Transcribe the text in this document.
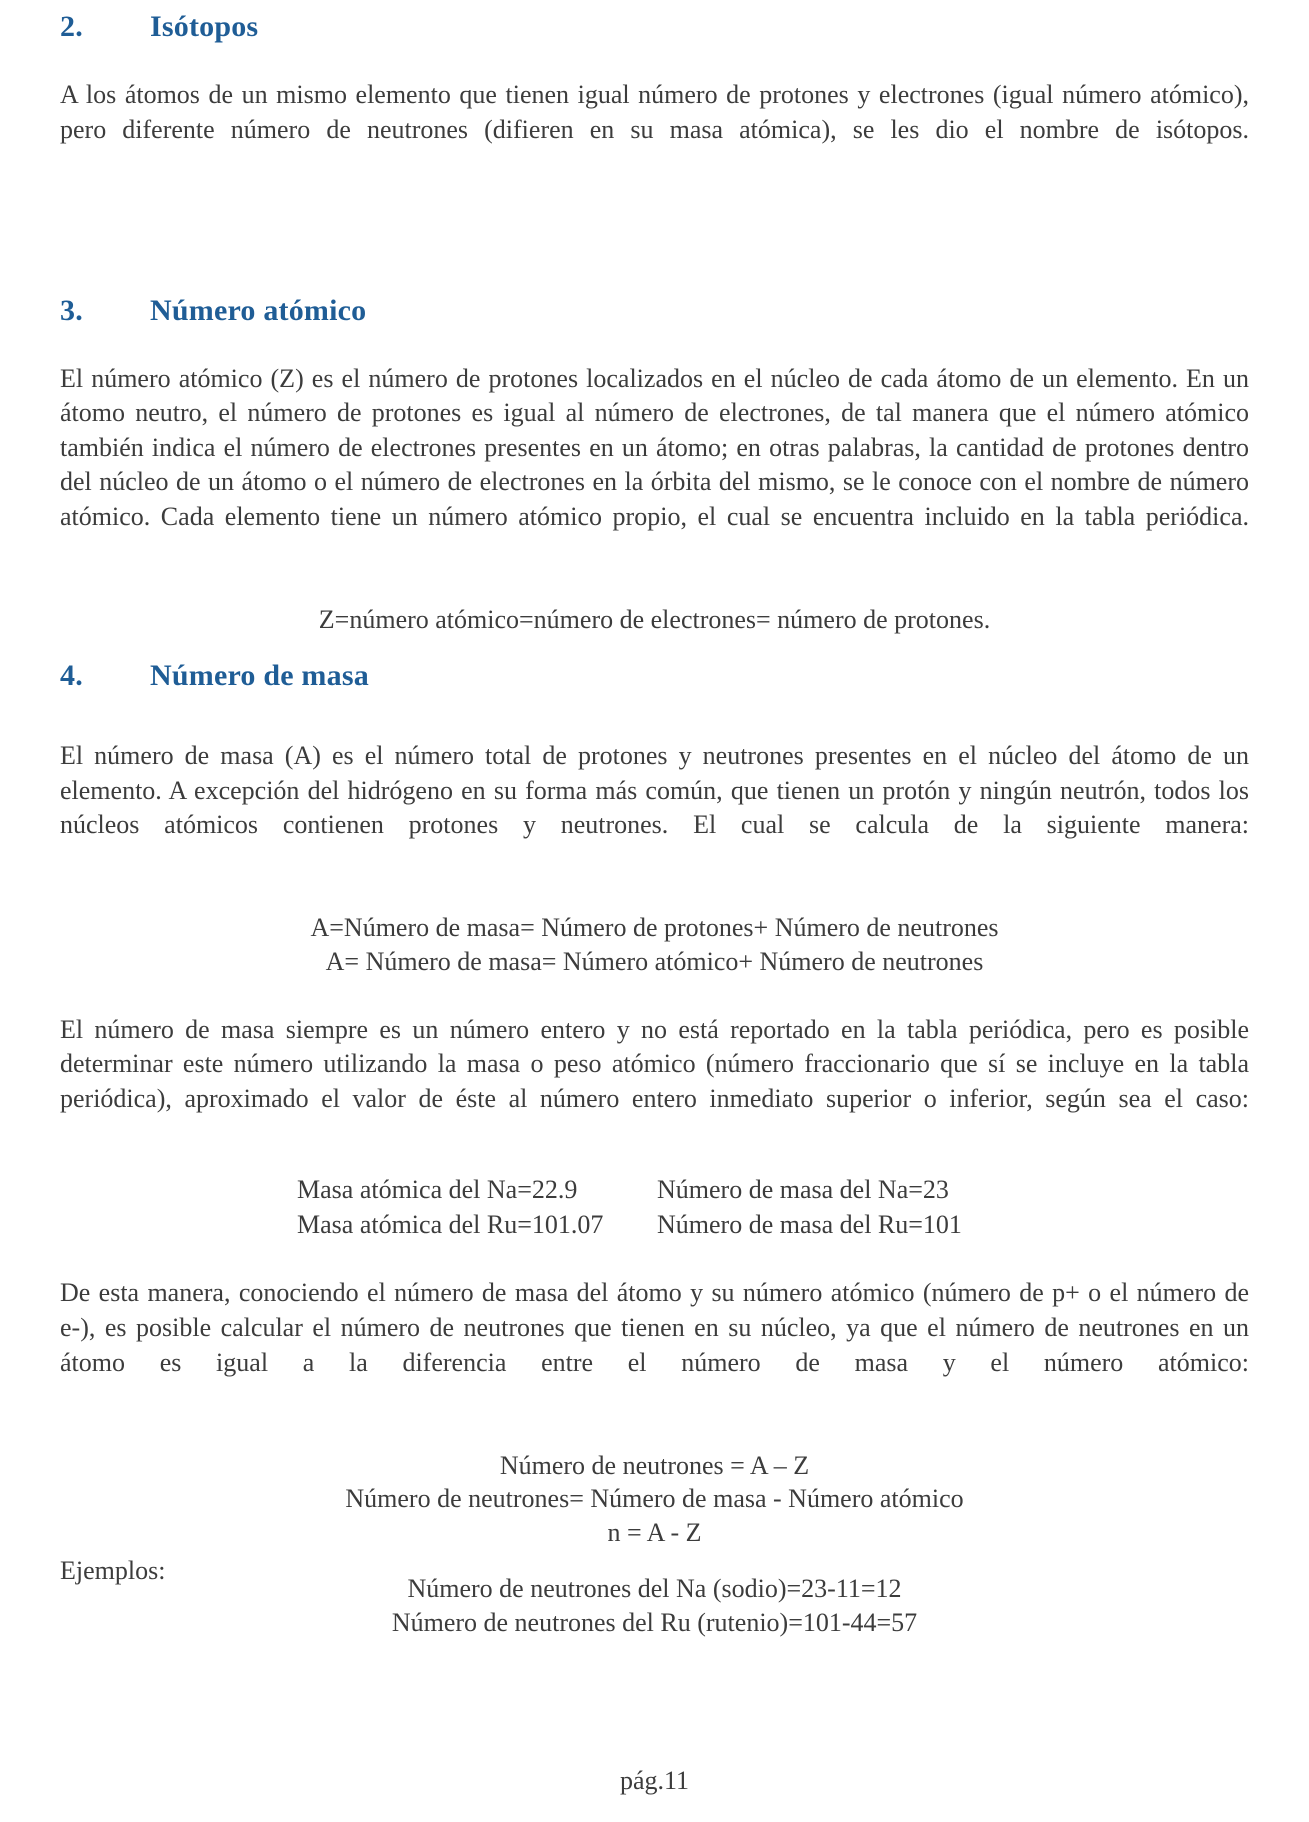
2.	Isótopos

A los átomos de un mismo elemento que tienen igual número de protones y electrones (igual número atómico), pero diferente número de neutrones (difieren en su masa atómica), se les dio el nombre de isótopos.

3.	Número atómico

El número atómico (Z) es el número de protones localizados en el núcleo de cada átomo de un elemento. En un átomo neutro, el número de protones es igual al número de electrones, de tal manera que el número atómico también indica el número de electrones presentes en un átomo; en otras palabras, la cantidad de protones dentro del núcleo de un átomo o el número de electrones en la órbita del mismo, se le conoce con el nombre de número atómico. Cada elemento tiene un número atómico propio, el cual se encuentra incluido en la tabla periódica.

Z=número atómico=número de electrones= número de protones.

4.	Número de masa

El número de masa (A) es el número total de protones y neutrones presentes en el núcleo del átomo de un elemento. A excepción del hidrógeno en su forma más común, que tienen un protón y ningún neutrón, todos los núcleos atómicos contienen protones y neutrones. El cual se calcula de la siguiente manera:

A=Número de masa= Número de protones+ Número de neutrones

A= Número de masa= Número atómico+ Número de neutrones

El número de masa siempre es un número entero y no está reportado en la tabla periódica, pero es posible determinar este número utilizando la masa o peso atómico (número fraccionario que sí se incluye en la tabla periódica), aproximado el valor de éste al número entero inmediato superior o inferior, según sea el caso:

Masa atómica del Na=22.9	Número de masa del Na=23
Masa atómica del Ru=101.07	Número de masa del Ru=101

De esta manera, conociendo el número de masa del átomo y su número atómico (número de p+ o el número de e-), es posible calcular el número de neutrones que tienen en su núcleo, ya que el número de neutrones en un átomo es igual a la diferencia entre el número de masa y el número atómico:

Número de neutrones = A – Z

Número de neutrones= Número de masa - Número atómico

n = A - Z

Ejemplos:

Número de neutrones del Na (sodio)=23-11=12

Número de neutrones del Ru (rutenio)=101-44=57

pág.11
